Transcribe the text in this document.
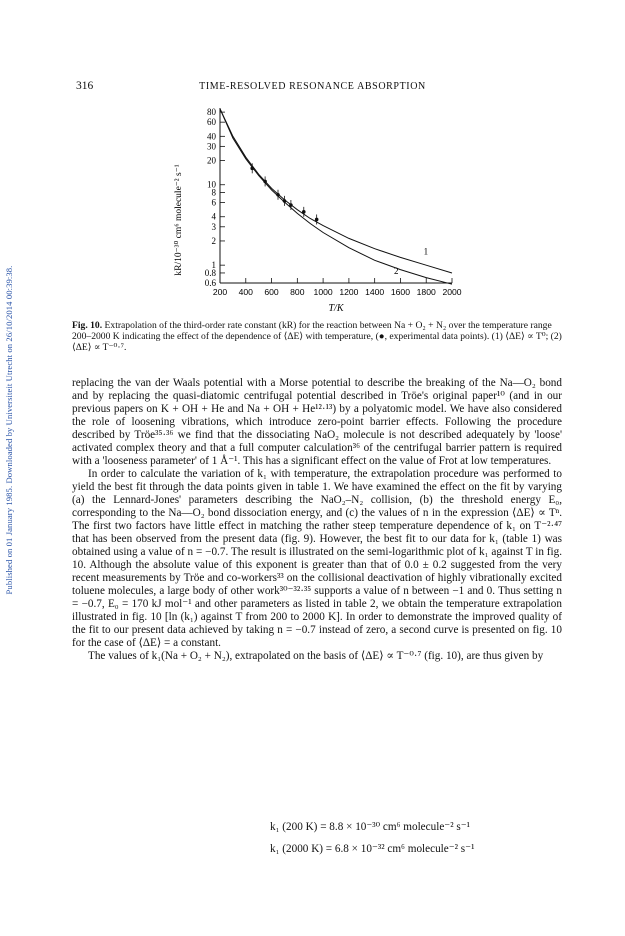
Published on 01 January 1985. Downloaded by Universiteit Utrecht on 26/10/2014 00:39:38.
316	TIME-RESOLVED RESONANCE ABSORPTION
80
60
40
30
20
10
8
6
4
3
2
1
0.8
0.6
200 400 600 800 1000 1200 1400 1600 1800 2000
1
2
kR/10⁻³⁰ cm⁶ molecule⁻² s⁻¹
T/K
Fig. 10. Extrapolation of the third-order rate constant (kR) for the reaction between Na + O₂ + N₂ over the temperature range 200–2000 K indicating the effect of the dependence of ⟨ΔE⟩ with temperature, (●, experimental data points). (1) ⟨ΔE⟩ ∝ T⁰; (2) ⟨ΔE⟩ ∝ T⁻⁰·⁷.

replacing the van der Waals potential with a Morse potential to describe the breaking of the Na—O₂ bond and by replacing the quasi-diatomic centrifugal potential described in Tröe's original paper¹⁰ (and in our previous papers on K + OH + He and Na + OH + He¹²·¹³) by a polyatomic model. We have also considered the role of loosening vibrations, which introduce zero-point barrier effects. Following the procedure described by Tröe³⁵·³⁶ we find that the dissociating NaO₂ molecule is not described adequately by 'loose' activated complex theory and that a full computer calculation³⁶ of the centrifugal barrier pattern is required with a 'looseness parameter' of 1 Å⁻¹. This has a significant effect on the value of Frot at low temperatures.

In order to calculate the variation of k₁ with temperature, the extrapolation procedure was performed to yield the best fit through the data points given in table 1. We have examined the effect on the fit by varying (a) the Lennard-Jones' parameters describing the NaO₂–N₂ collision, (b) the threshold energy E₀, corresponding to the Na—O₂ bond dissociation energy, and (c) the values of n in the expression ⟨ΔE⟩ ∝ Tⁿ. The first two factors have little effect in matching the rather steep temperature dependence of k₁ on T⁻²·⁴⁷ that has been observed from the present data (fig. 9). However, the best fit to our data for k₁ (table 1) was obtained using a value of n = −0.7. The result is illustrated on the semi-logarithmic plot of k₁ against T in fig. 10. Although the absolute value of this exponent is greater than that of 0.0 ± 0.2 suggested from the very recent measurements by Tröe and co-workers³³ on the collisional deactivation of highly vibrationally excited toluene molecules, a large body of other work³⁰⁻³²·³⁵ supports a value of n between −1 and 0. Thus setting n = −0.7, E₀ = 170 kJ mol⁻¹ and other parameters as listed in table 2, we obtain the temperature extrapolation illustrated in fig. 10 [ln (k₁) against T from 200 to 2000 K]. In order to demonstrate the improved quality of the fit to our present data achieved by taking n = −0.7 instead of zero, a second curve is presented on fig. 10 for the case of ⟨ΔE⟩ = a constant.

The values of k₁(Na + O₂ + N₂), extrapolated on the basis of ⟨ΔE⟩ ∝ T⁻⁰·⁷ (fig. 10), are thus given by

k₁ (200 K) = 8.8 × 10⁻³⁰ cm⁶ molecule⁻² s⁻¹
k₁ (2000 K) = 6.8 × 10⁻³² cm⁶ molecule⁻² s⁻¹
